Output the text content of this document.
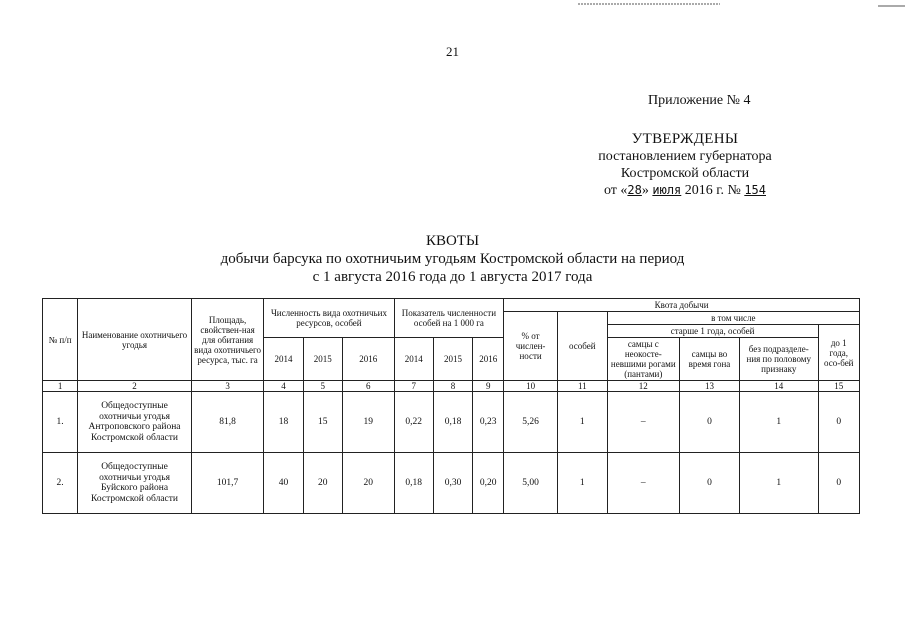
21
Приложение № 4
УТВЕРЖДЕНЫ
постановлением губернатора
Костромской области
от «28» июля 2016 г. № 154
КВОТЫ
добычи барсука по охотничьим угодьям Костромской области на период
с 1 августа 2016 года до 1 августа 2017 года
№ п/п	Наименование охотничьего угодья	Площадь, свойствен-ная для обитания вида охотничьего ресурса, тыс. га	Численность вида охотничьих ресурсов, особей			Показатель численности особей на 1 000 га			Квота добычи					
									% от числен-ности	особей	в том числе			
											старше 1 года, особей			до 1 года, осо-бей
			2014	2015	2016	2014	2015	2016			самцы с неокосте-невшими рогами (пантами)	самцы во время гона	без подразделе-ния по половому признаку	
1	2	3	4	5	6	7	8	9	10	11	12	13	14	15
1.	Общедоступные охотничьи угодья Антроповского района Костромской области	81,8	18	15	19	0,22	0,18	0,23	5,26	1	–	0	1	0
2.	Общедоступные охотничьи угодья Буйского района Костромской области	101,7	40	20	20	0,18	0,30	0,20	5,00	1	–	0	1	0
